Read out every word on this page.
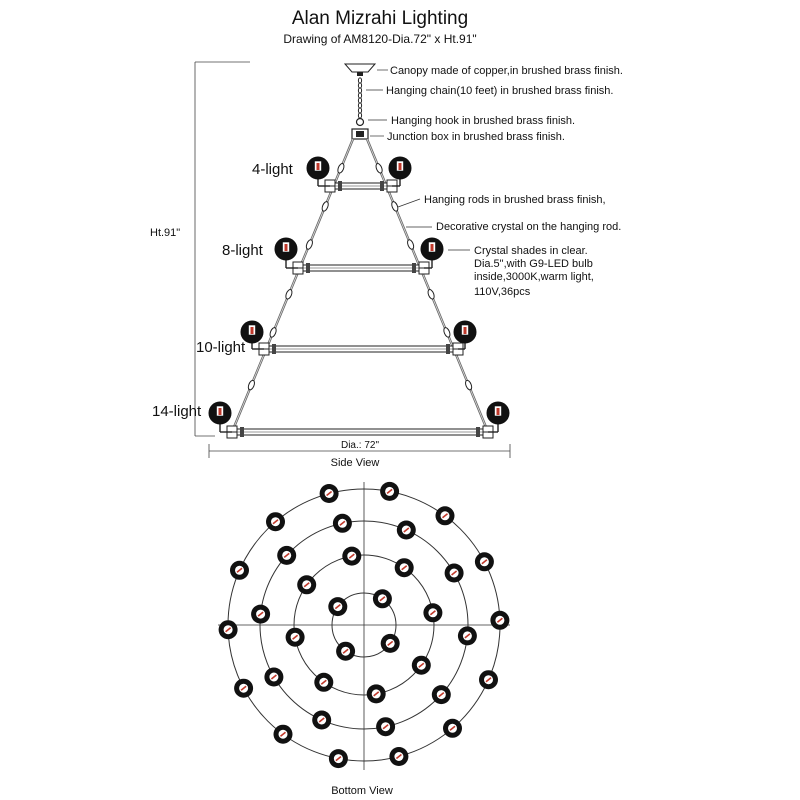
Alan Mizrahi Lighting
Drawing of AM8120-Dia.72" x Ht.91"
Ht.91"
4-light
8-light
10-light
14-light
Canopy made of copper,in brushed brass finish.
Hanging chain(10 feet) in brushed brass finish.
Hanging hook in brushed brass finish.
Junction box in brushed brass finish.
Hanging rods in brushed brass finish,
Decorative crystal on the hanging rod.
Crystal shades in clear.
Dia.5",with G9-LED bulb
inside,3000K,warm light,
110V,36pcs
Dia.: 72"
Side View
Bottom View
